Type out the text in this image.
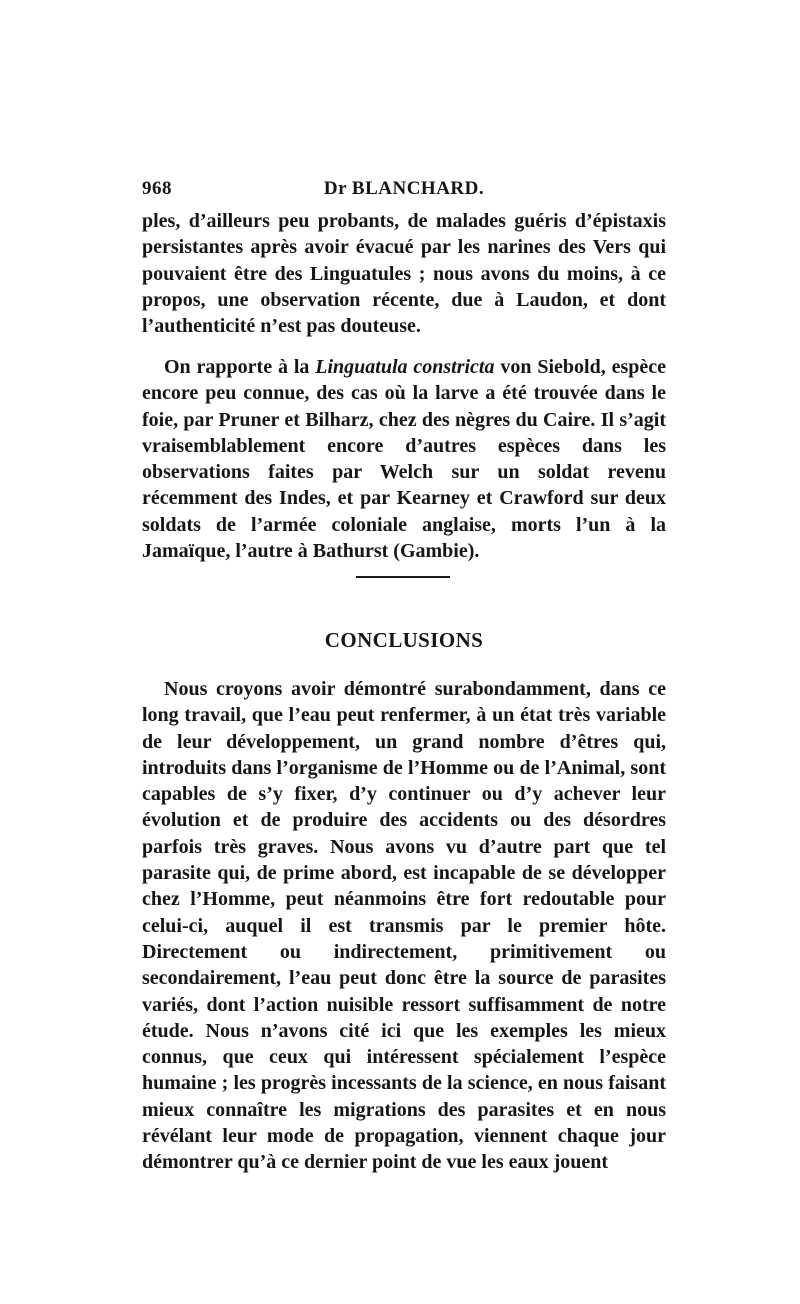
968	Dr BLANCHARD.

ples, d’ailleurs peu probants, de malades guéris d’épistaxis persistantes après avoir évacué par les narines des Vers qui pouvaient être des Linguatules ; nous avons du moins, à ce propos, une observation récente, due à Laudon, et dont l’authenticité n’est pas douteuse.

On rapporte à la Linguatula constricta von Siebold, espèce encore peu connue, des cas où la larve a été trouvée dans le foie, par Pruner et Bilharz, chez des nègres du Caire. Il s’agit vraisemblablement encore d’autres espèces dans les observations faites par Welch sur un soldat revenu récemment des Indes, et par Kearney et Crawford sur deux soldats de l’armée coloniale anglaise, morts l’un à la Jamaïque, l’autre à Bathurst (Gambie).

CONCLUSIONS

Nous croyons avoir démontré surabondamment, dans ce long travail, que l’eau peut renfermer, à un état très variable de leur développement, un grand nombre d’êtres qui, introduits dans l’organisme de l’Homme ou de l’Animal, sont capables de s’y fixer, d’y continuer ou d’y achever leur évolution et de produire des accidents ou des désordres parfois très graves. Nous avons vu d’autre part que tel parasite qui, de prime abord, est incapable de se développer chez l’Homme, peut néanmoins être fort redoutable pour celui-ci, auquel il est transmis par le premier hôte. Directement ou indirectement, primitivement ou secondairement, l’eau peut donc être la source de parasites variés, dont l’action nuisible ressort suffisamment de notre étude. Nous n’avons cité ici que les exemples les mieux connus, que ceux qui intéressent spécialement l’espèce humaine ; les progrès incessants de la science, en nous faisant mieux connaître les migrations des parasites et en nous révélant leur mode de propagation, viennent chaque jour démontrer qu’à ce dernier point de vue les eaux jouent
